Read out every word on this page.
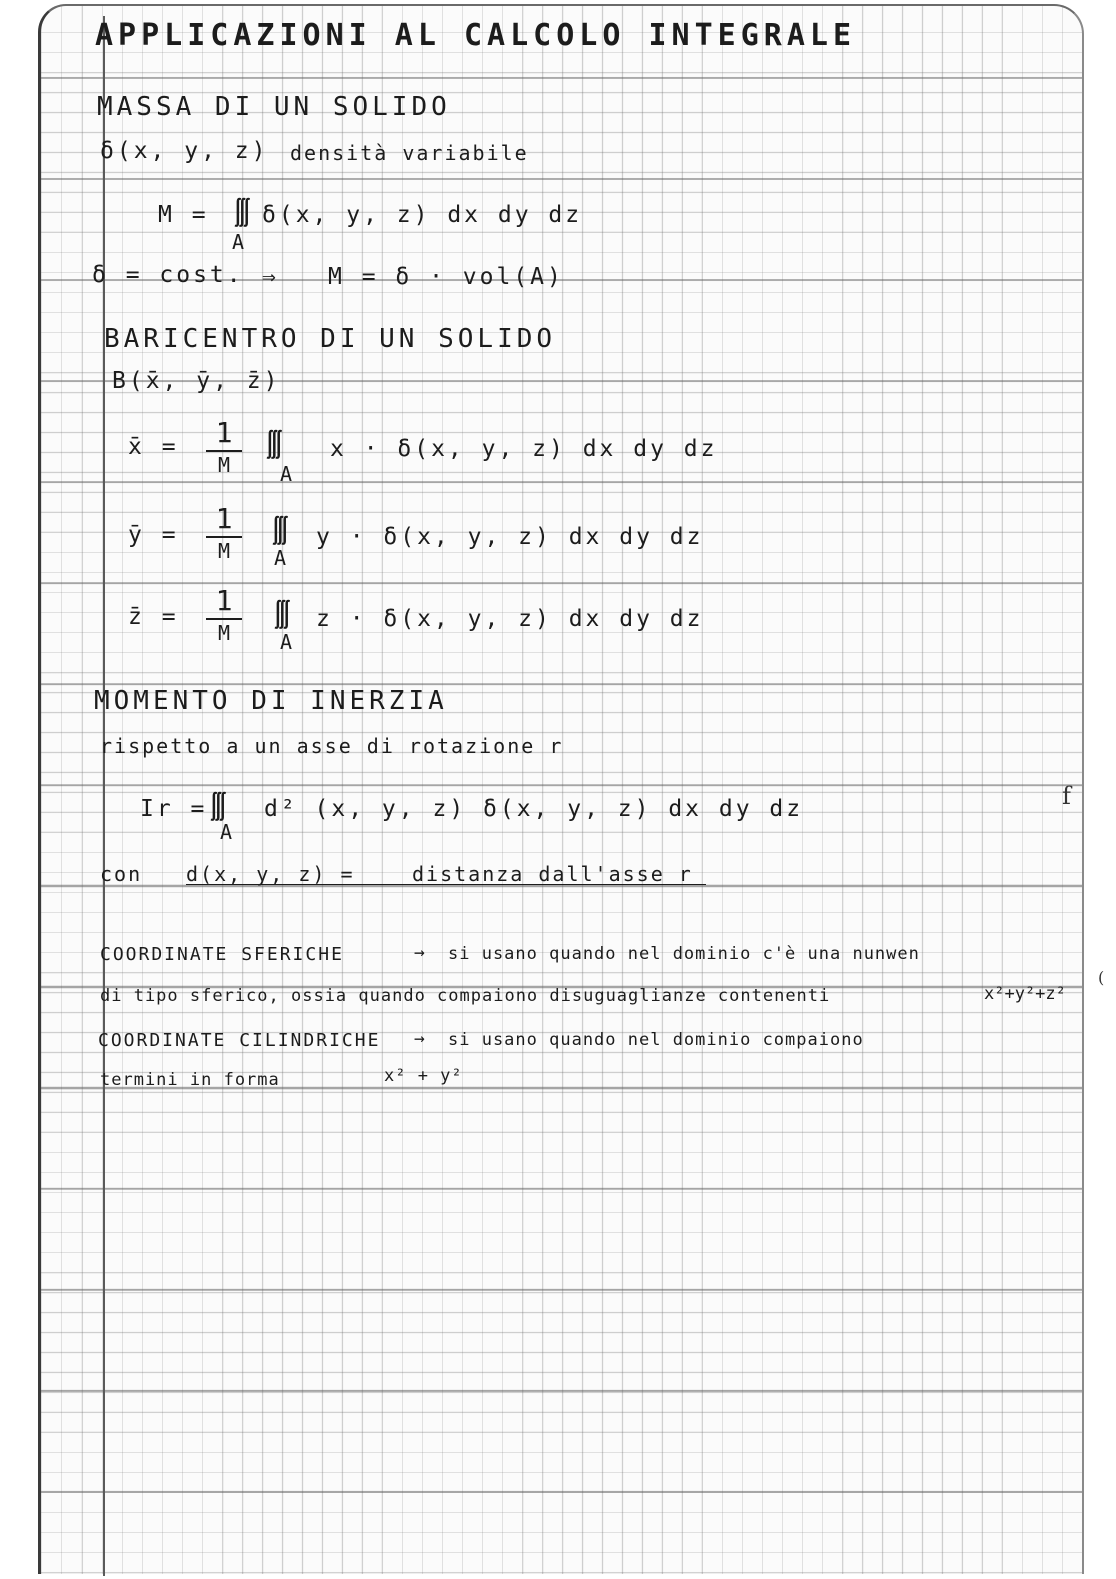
APPLICAZIONI AL CALCOLO INTEGRALE
MASSA DI UN SOLIDO
δ(x, y, z) densità variabile
M = ∭
A
δ(x, y, z) dx dy dz
δ = cost. ⇒ M = δ · vol(A)
BARICENTRO DI UN SOLIDO
B(x̄, ȳ, z̄)
x̄ =	1
M
∭
A
x · δ(x, y, z) dx dy dz
ȳ =	1
M
∭
A
y · δ(x, y, z) dx dy dz
z̄ =	1
M
∭
A
z · δ(x, y, z) dx dy dz
MOMENTO DI INERZIA
rispetto a un asse di rotazione r
Ir = ∭
A
d² (x, y, z) δ(x, y, z) dx dy dz
con d(x, y, z) =	distanza dall'asse r
COORDINATE SFERICHE	→ si usano quando nel dominio c'è una nunwen
di tipo sferico, ossia quando compaiono disuguaglianze contenenti	x²+y²+z²
COORDINATE CILINDRICHE → si usano quando nel dominio compaiono
termini in forma	x² + y²
f
(
